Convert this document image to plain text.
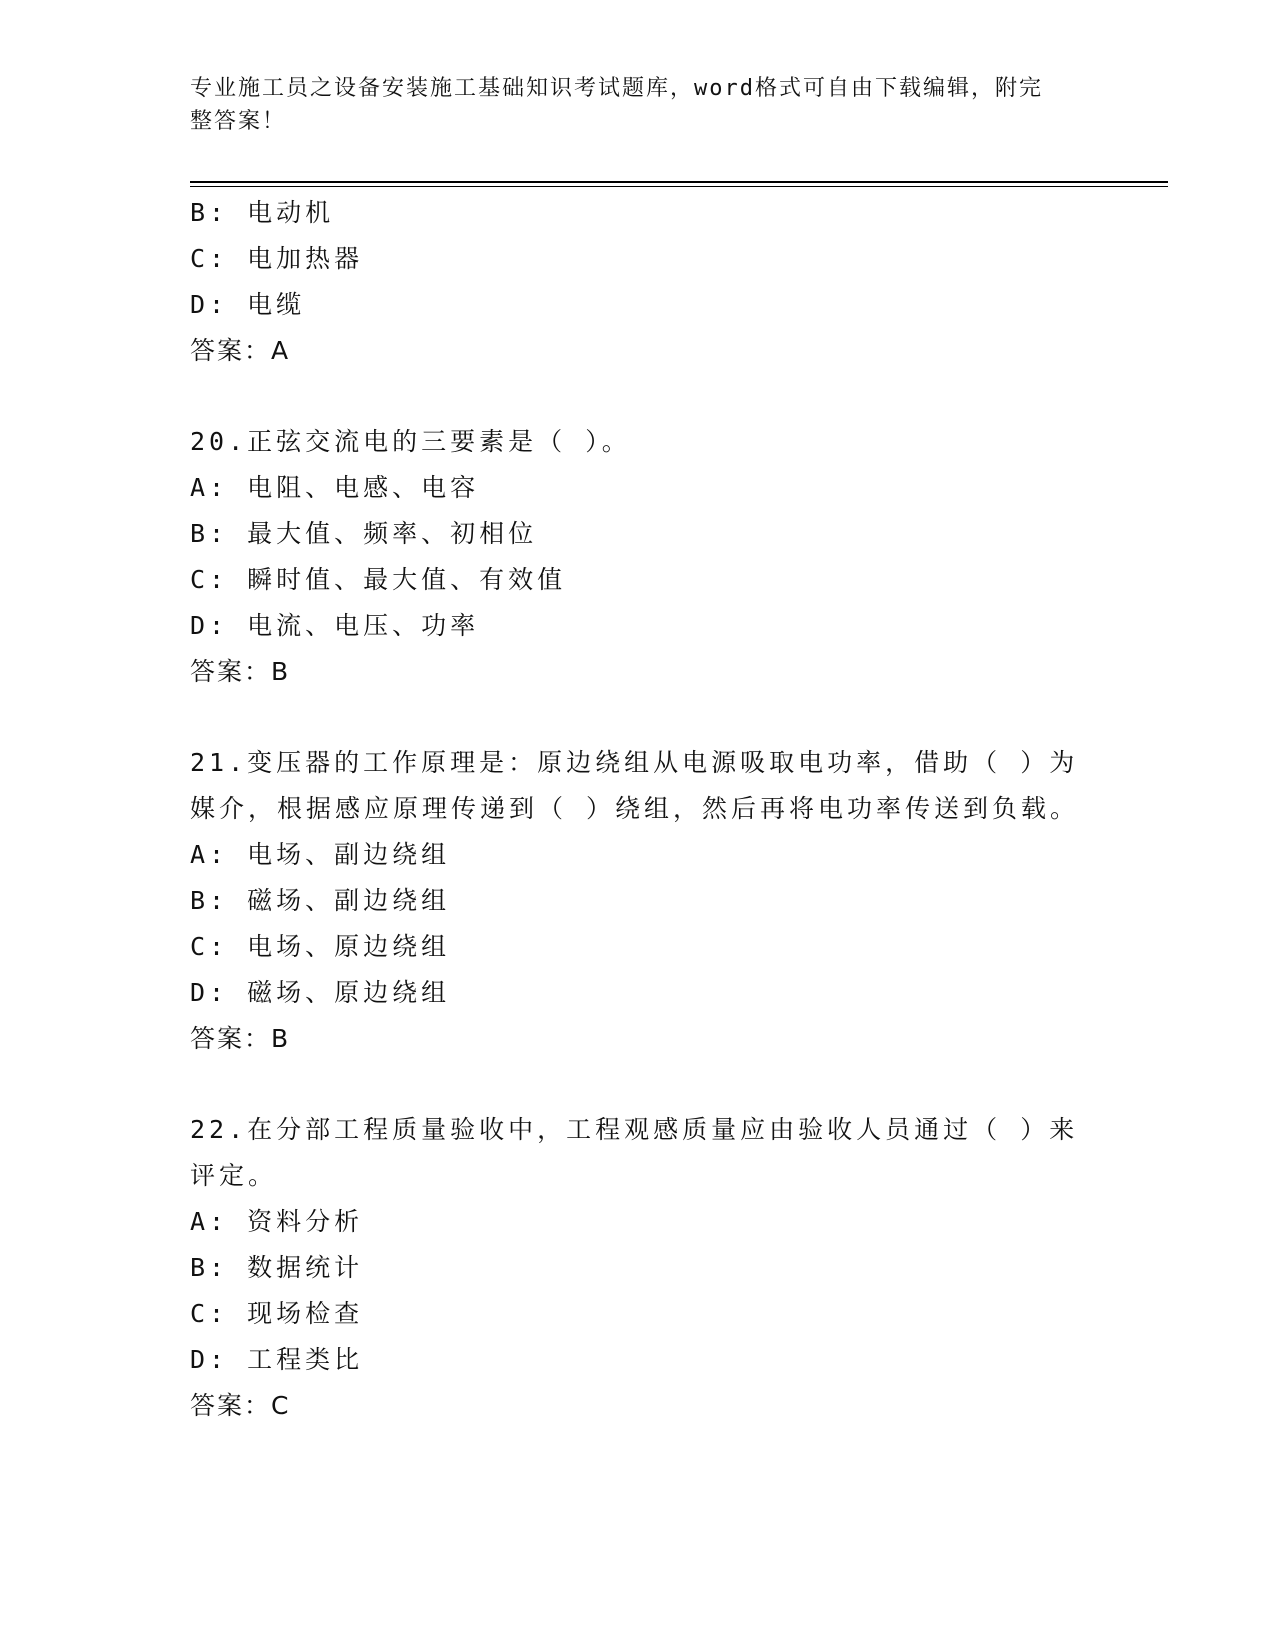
专业施工员之设备安装施工基础知识考试题库，word格式可自由下载编辑，附完
整答案！
B: 电动机
C: 电加热器
D: 电缆
答案：A
20.正弦交流电的三要素是（ ）。
A: 电阻、电感、电容
B: 最大值、频率、初相位
C: 瞬时值、最大值、有效值
D: 电流、电压、功率
答案：B
21.变压器的工作原理是：原边绕组从电源吸取电功率，借助（ ）为
媒介，根据感应原理传递到（ ）绕组，然后再将电功率传送到负载。
A: 电场、副边绕组
B: 磁场、副边绕组
C: 电场、原边绕组
D: 磁场、原边绕组
答案：B
22.在分部工程质量验收中，工程观感质量应由验收人员通过（ ）来
评定。
A: 资料分析
B: 数据统计
C: 现场检查
D: 工程类比
答案：C
